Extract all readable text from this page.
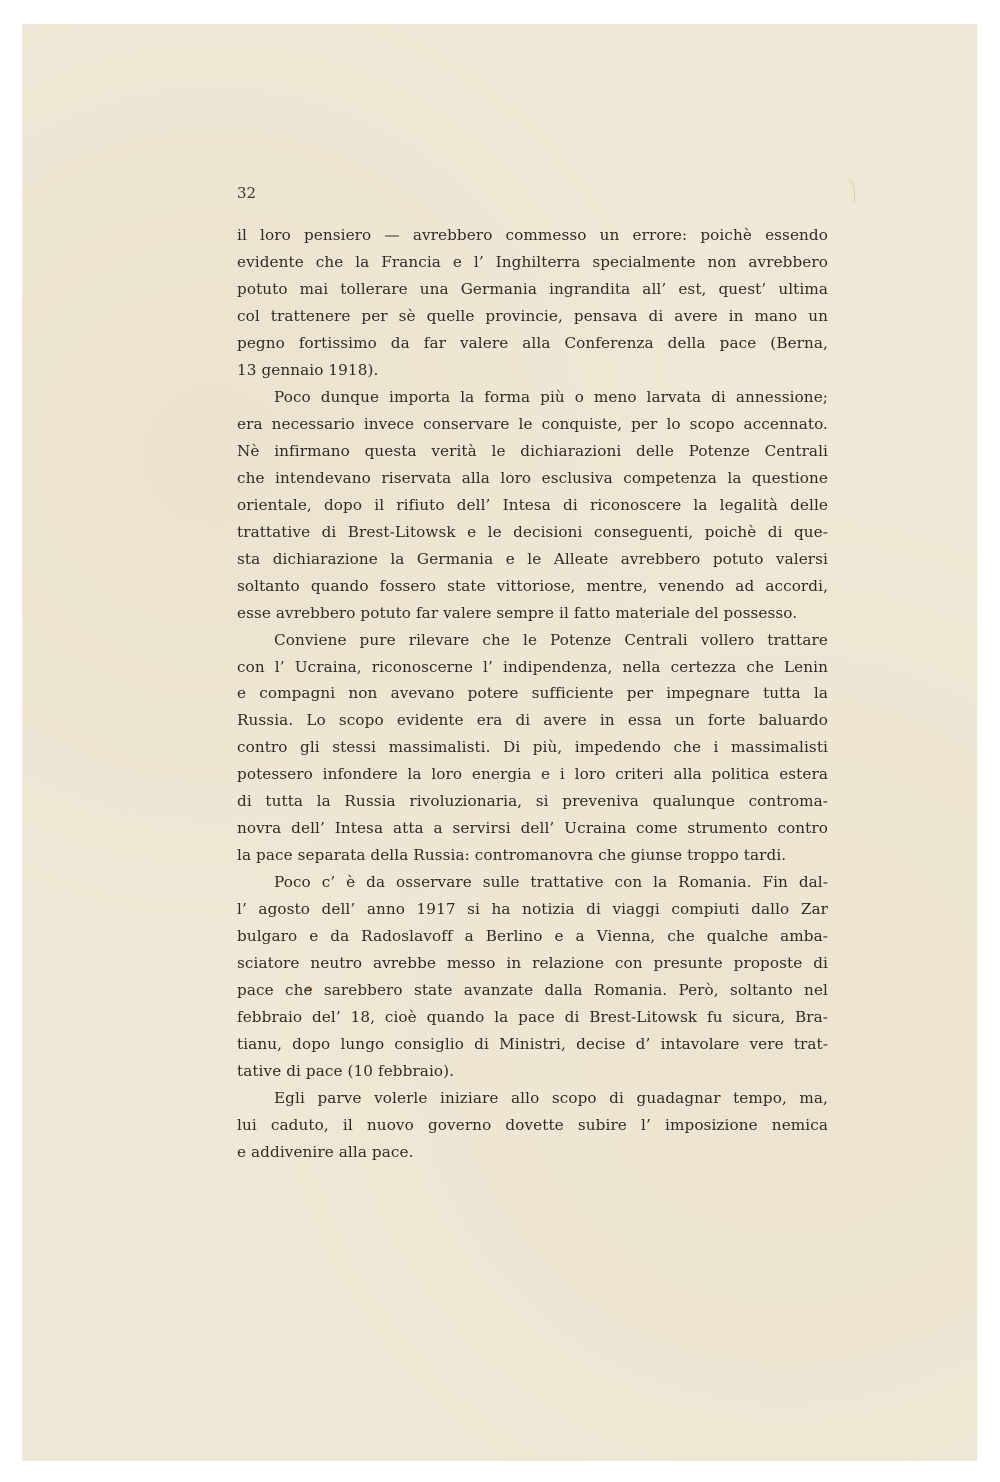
32
il loro pensiero — avrebbero commesso un errore: poichè essendo
evidente che la Francia e l’ Inghilterra specialmente non avrebbero
potuto mai tollerare una Germania ingrandita all’ est, quest’ ultima
col trattenere per sè quelle provincie, pensava di avere in mano un
pegno fortissimo da far valere alla Conferenza della pace (Berna,
13 gennaio 1918).
Poco dunque importa la forma più o meno larvata di annessione;
era necessario invece conservare le conquiste, per lo scopo accennato.
Nè infirmano questa verità le dichiarazioni delle Potenze Centrali
che intendevano riservata alla loro esclusiva competenza la questione
orientale, dopo il rifiuto dell’ Intesa di riconoscere la legalità delle
trattative di Brest-Litowsk e le decisioni conseguenti, poichè di que-
sta dichiarazione la Germania e le Alleate avrebbero potuto valersi
soltanto quando fossero state vittoriose, mentre, venendo ad accordi,
esse avrebbero potuto far valere sempre il fatto materiale del possesso.
Conviene pure rilevare che le Potenze Centrali vollero trattare
con l’ Ucraina, riconoscerne l’ indipendenza, nella certezza che Lenin
e compagni non avevano potere sufficiente per impegnare tutta la
Russia. Lo scopo evidente era di avere in essa un forte baluardo
contro gli stessi massimalisti. Di più, impedendo che i massimalisti
potessero infondere la loro energia e i loro criteri alla politica estera
di tutta la Russia rivoluzionaria, si preveniva qualunque controma-
novra dell’ Intesa atta a servirsi dell’ Ucraina come strumento contro
la pace separata della Russia: contromanovra che giunse troppo tardi.
Poco c’ è da osservare sulle trattative con la Romania. Fin dal-
l’ agosto dell’ anno 1917 si ha notizia di viaggi compiuti dallo Zar
bulgaro e da Radoslavoff a Berlino e a Vienna, che qualche amba-
sciatore neutro avrebbe messo in relazione con presunte proposte di
pace che sarebbero state avanzate dalla Romania. Però, soltanto nel
febbraio del’ 18, cioè quando la pace di Brest-Litowsk fu sicura, Bra-
tianu, dopo lungo consiglio di Ministri, decise d’ intavolare vere trat-
tative di pace (10 febbraio).
Egli parve volerle iniziare allo scopo di guadagnar tempo, ma,
lui caduto, il nuovo governo dovette subire l’ imposizione nemica
e addivenire alla pace.
